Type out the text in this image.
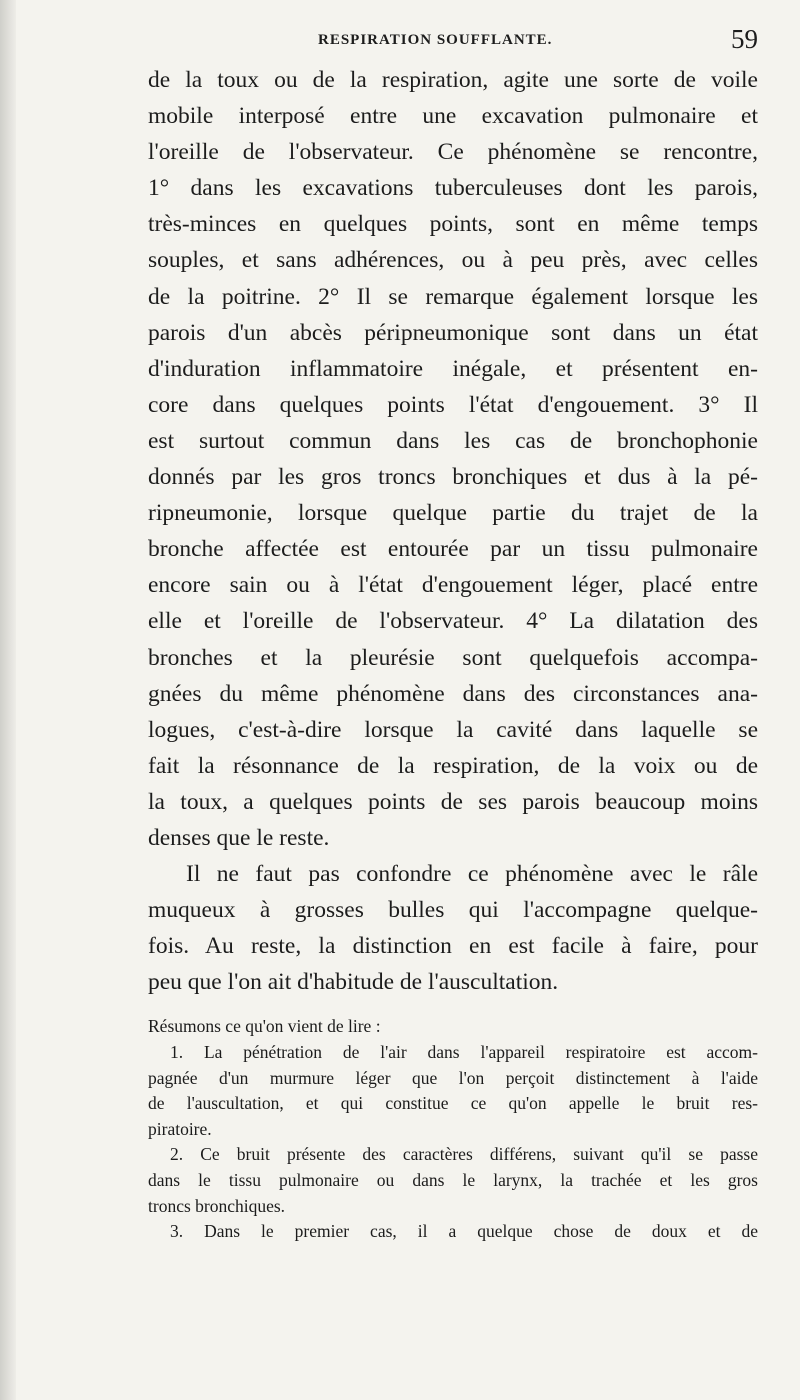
RESPIRATION SOUFFLANTE.	59
de la toux ou de la respiration, agite une sorte de voile
mobile interposé entre une excavation pulmonaire et
l'oreille de l'observateur. Ce phénomène se rencontre,
1° dans les excavations tuberculeuses dont les parois,
très-minces en quelques points, sont en même temps
souples, et sans adhérences, ou à peu près, avec celles
de la poitrine. 2° Il se remarque également lorsque les
parois d'un abcès péripneumonique sont dans un état
d'induration inflammatoire inégale, et présentent en-
core dans quelques points l'état d'engouement. 3° Il
est surtout commun dans les cas de bronchophonie
donnés par les gros troncs bronchiques et dus à la pé-
ripneumonie, lorsque quelque partie du trajet de la
bronche affectée est entourée par un tissu pulmonaire
encore sain ou à l'état d'engouement léger, placé entre
elle et l'oreille de l'observateur. 4° La dilatation des
bronches et la pleurésie sont quelquefois accompa-
gnées du même phénomène dans des circonstances ana-
logues, c'est-à-dire lorsque la cavité dans laquelle se
fait la résonnance de la respiration, de la voix ou de
la toux, a quelques points de ses parois beaucoup moins
denses que le reste.
Il ne faut pas confondre ce phénomène avec le râle
muqueux à grosses bulles qui l'accompagne quelque-
fois. Au reste, la distinction en est facile à faire, pour
peu que l'on ait d'habitude de l'auscultation.
Résumons ce qu'on vient de lire :
1. La pénétration de l'air dans l'appareil respiratoire est accom-
pagnée d'un murmure léger que l'on perçoit distinctement à l'aide
de l'auscultation, et qui constitue ce qu'on appelle le bruit res-
piratoire.
2. Ce bruit présente des caractères différens, suivant qu'il se passe
dans le tissu pulmonaire ou dans le larynx, la trachée et les gros
troncs bronchiques.
3. Dans le premier cas, il a quelque chose de doux et de
